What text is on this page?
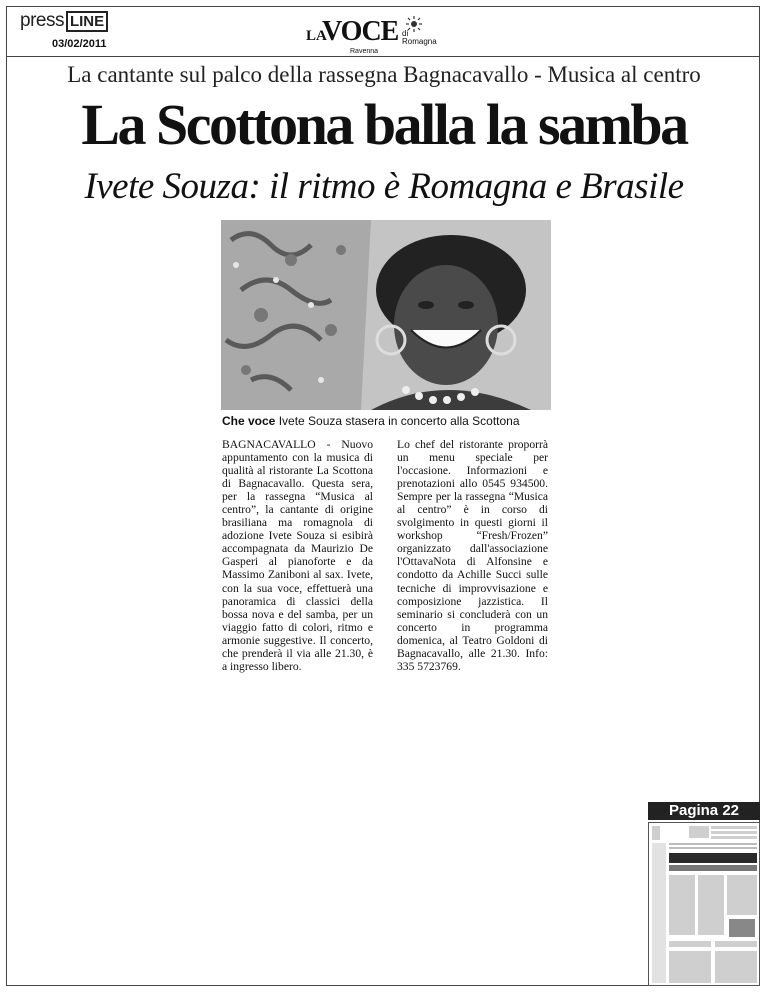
press LINE
03/02/2011	LA
VOCE di
Romagna
Ravenna
La cantante sul palco della rassegna Bagnacavallo - Musica al centro
La Scottona balla la samba
Ivete Souza: il ritmo è Romagna e Brasile
Che voce Ivete Souza stasera in concerto alla Scottona
BAGNACAVALLO - Nuovo appuntamento con la musica di qualità al ristorante La Scottona di Bagnacavallo. Questa sera, per la rassegna “Musica al centro”, la cantante di origine brasiliana ma romagnola di adozione Ivete Souza si esibirà accompagnata da Maurizio De Gasperi al pianoforte e da Massimo Zaniboni al sax. Ivete, con la sua voce, effettuerà una panoramica di classici della bossa nova e del samba, per un viaggio fatto di colori, ritmo e armonie suggestive. Il concerto, che prenderà il via alle 21.30, è a ingresso libero.
Lo chef del ristorante proporrà un menu speciale per l'occasione. Informazioni e prenotazioni allo 0545 934500. Sempre per la rassegna “Musica al centro” è in corso di svolgimento in questi giorni il workshop “Fresh/Frozen” organizzato dall'associazione l'OttavaNota di Alfonsine e condotto da Achille Succi sulle tecniche di improvvisazione e composizione jazzistica. Il seminario si concluderà con un concerto in programma domenica, al Teatro Goldoni di Bagnacavallo, alle 21.30. Info: 335 5723769.
Pagina 22
